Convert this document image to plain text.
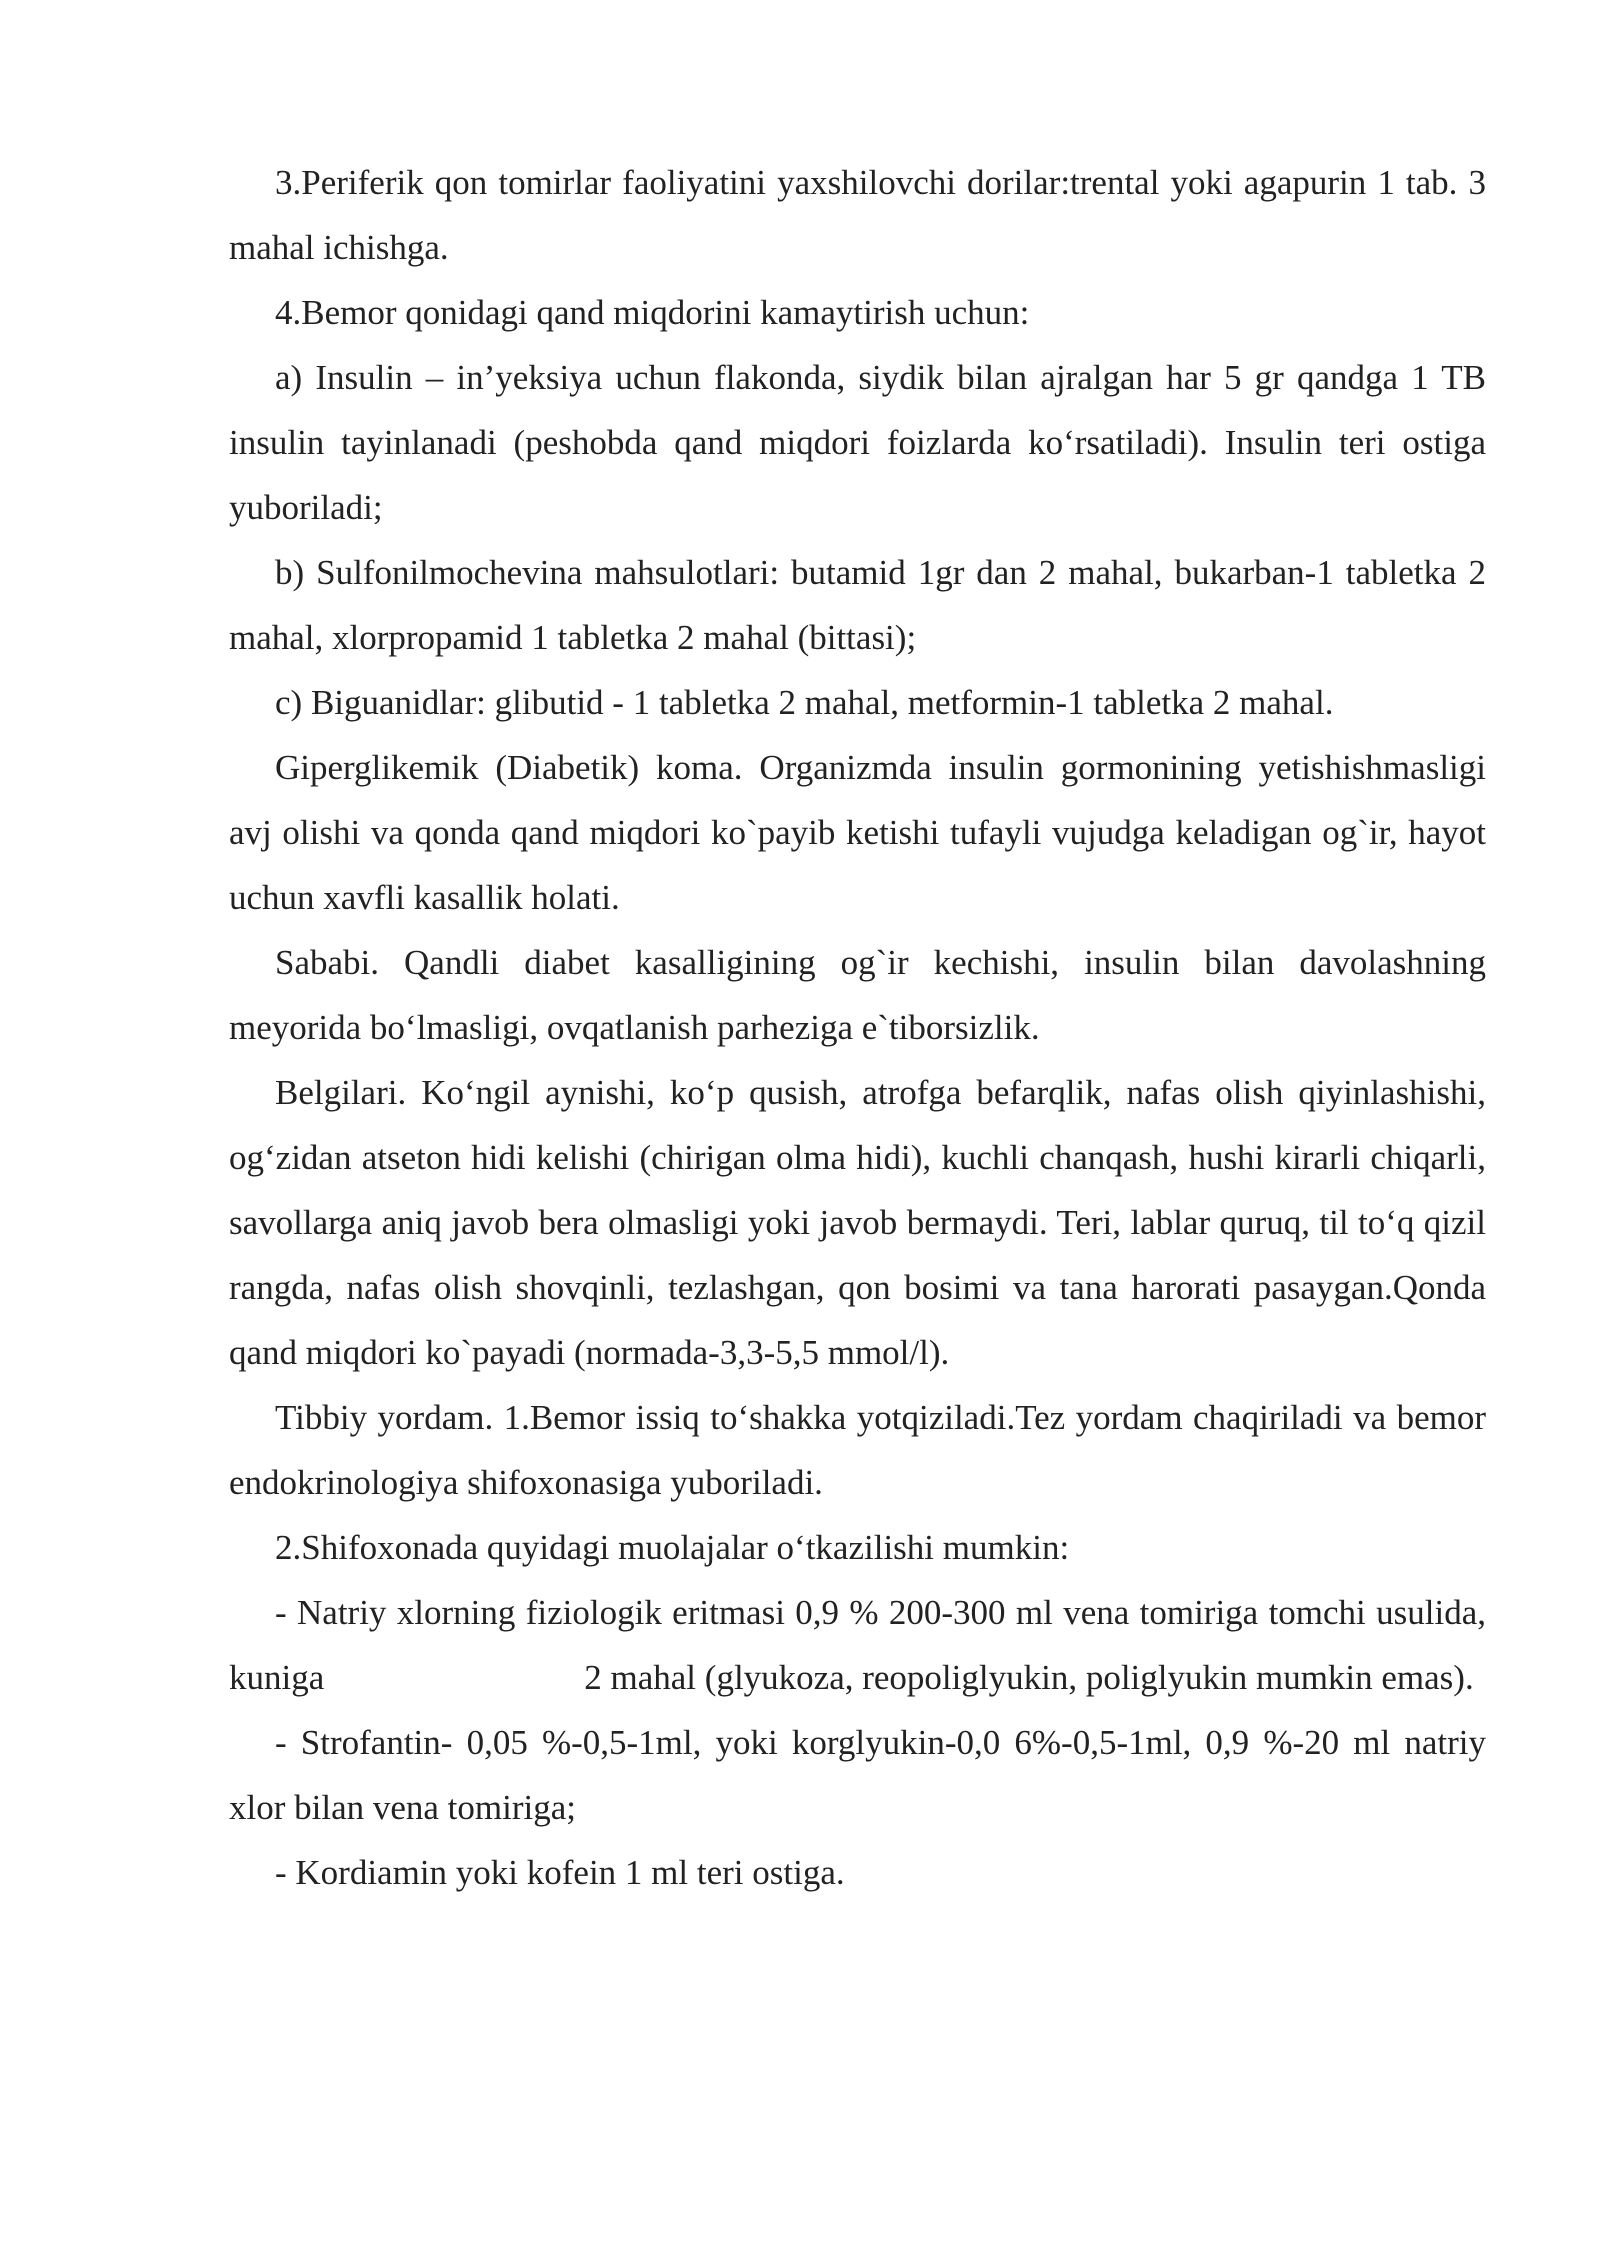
3.Periferik qon tomirlar faoliyatini yaxshilovchi dorilar:trental yoki agapurin 1 tab. 3 mahal ichishga.

4.Bemor qonidagi qand miqdorini kamaytirish uchun:

a) Insulin – in’yeksiya uchun flakonda, siydik bilan ajralgan har 5 gr qandga 1 TB insulin tayinlanadi (peshobda qand miqdori foizlarda ko‘rsatiladi). Insulin teri ostiga yuboriladi;

b) Sulfonilmochevina mahsulotlari: butamid 1gr dan 2 mahal, bukarban-1 tabletka 2 mahal, xlorpropamid 1 tabletka 2 mahal (bittasi);

c) Biguanidlar: glibutid - 1 tabletka 2 mahal, metformin-1 tabletka 2 mahal.

Giperglikemik (Diabetik) koma. Organizmda insulin gormonining yetishishmasligi avj olishi va qonda qand miqdori ko`payib ketishi tufayli vujudga keladigan og`ir, hayot uchun xavfli kasallik holati.

Sababi. Qandli diabet kasalligining og`ir kechishi, insulin bilan davolashning meyorida bo‘lmasligi, ovqatlanish parheziga e`tiborsizlik.

Belgilari. Ko‘ngil aynishi, ko‘p qusish, atrofga befarqlik, nafas olish qiyinlashishi, og‘zidan atseton hidi kelishi (chirigan olma hidi), kuchli chanqash, hushi kirarli chiqarli, savollarga aniq javob bera olmasligi yoki javob bermaydi. Teri, lablar quruq, til to‘q qizil rangda, nafas olish shovqinli, tezlashgan, qon bosimi va tana harorati pasaygan.Qonda qand miqdori ko`payadi (normada-3,3-5,5 mmol/l).

Tibbiy yordam. 1.Bemor issiq to‘shakka yotqiziladi.Tez yordam chaqiriladi va bemor endokrinologiya shifoxonasiga yuboriladi.

2.Shifoxonada quyidagi muolajalar o‘tkazilishi mumkin:

- Natriy xlorning fiziologik eritmasi 0,9 % 200-300 ml vena tomiriga tomchi usulida, kuniga	2 mahal (glyukoza, reopoliglyukin, poliglyukin mumkin emas).

- Strofantin- 0,05 %-0,5-1ml, yoki korglyukin-0,0 6%-0,5-1ml, 0,9 %-20 ml natriy xlor bilan vena tomiriga;

- Kordiamin yoki kofein 1 ml teri ostiga.
